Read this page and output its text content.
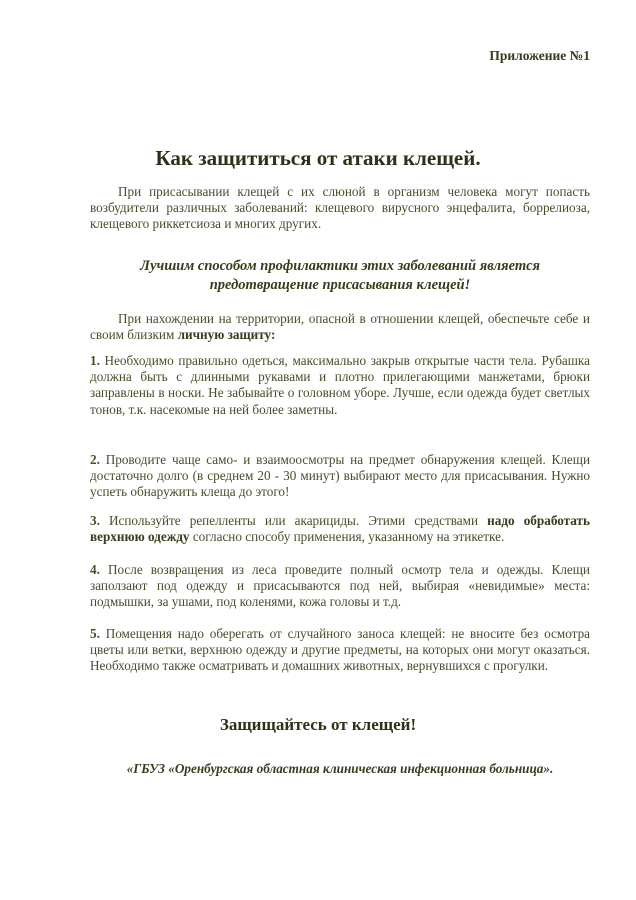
Приложение №1
Как защититься от атаки клещей.
При присасывании клещей с их слюной в организм человека могут попасть возбудители различных заболеваний: клещевого вирусного энцефалита, боррелиоза, клещевого риккетсиоза и многих других.
Лучшим способом профилактики этих заболеваний является
предотвращение присасывания клещей!
При нахождении на территории, опасной в отношении клещей, обеспечьте себе и своим близким личную защиту:
1. Необходимо правильно одеться, максимально закрыв открытые части тела. Рубашка должна быть с длинными рукавами и плотно прилегающими манжетами, брюки заправлены в носки. Не забывайте о головном уборе. Лучше, если одежда будет светлых тонов, т.к. насекомые на ней более заметны.
2. Проводите чаще само- и взаимоосмотры на предмет обнаружения клещей. Клещи достаточно долго (в среднем 20 - 30 минут) выбирают место для присасывания. Нужно успеть обнаружить клеща до этого!
3. Используйте репелленты или акарициды. Этими средствами надо обработать верхнюю одежду согласно способу применения, указанному на этикетке.
4. После возвращения из леса проведите полный осмотр тела и одежды. Клещи заползают под одежду и присасываются под ней, выбирая «невидимые» места: подмышки, за ушами, под коленями, кожа головы и т.д.
5. Помещения надо оберегать от случайного заноса клещей: не вносите без осмотра цветы или ветки, верхнюю одежду и другие предметы, на которых они могут оказаться. Необходимо также осматривать и домашних животных, вернувшихся с прогулки.
Защищайтесь от клещей!
«ГБУЗ «Оренбургская областная клиническая инфекционная больница».
